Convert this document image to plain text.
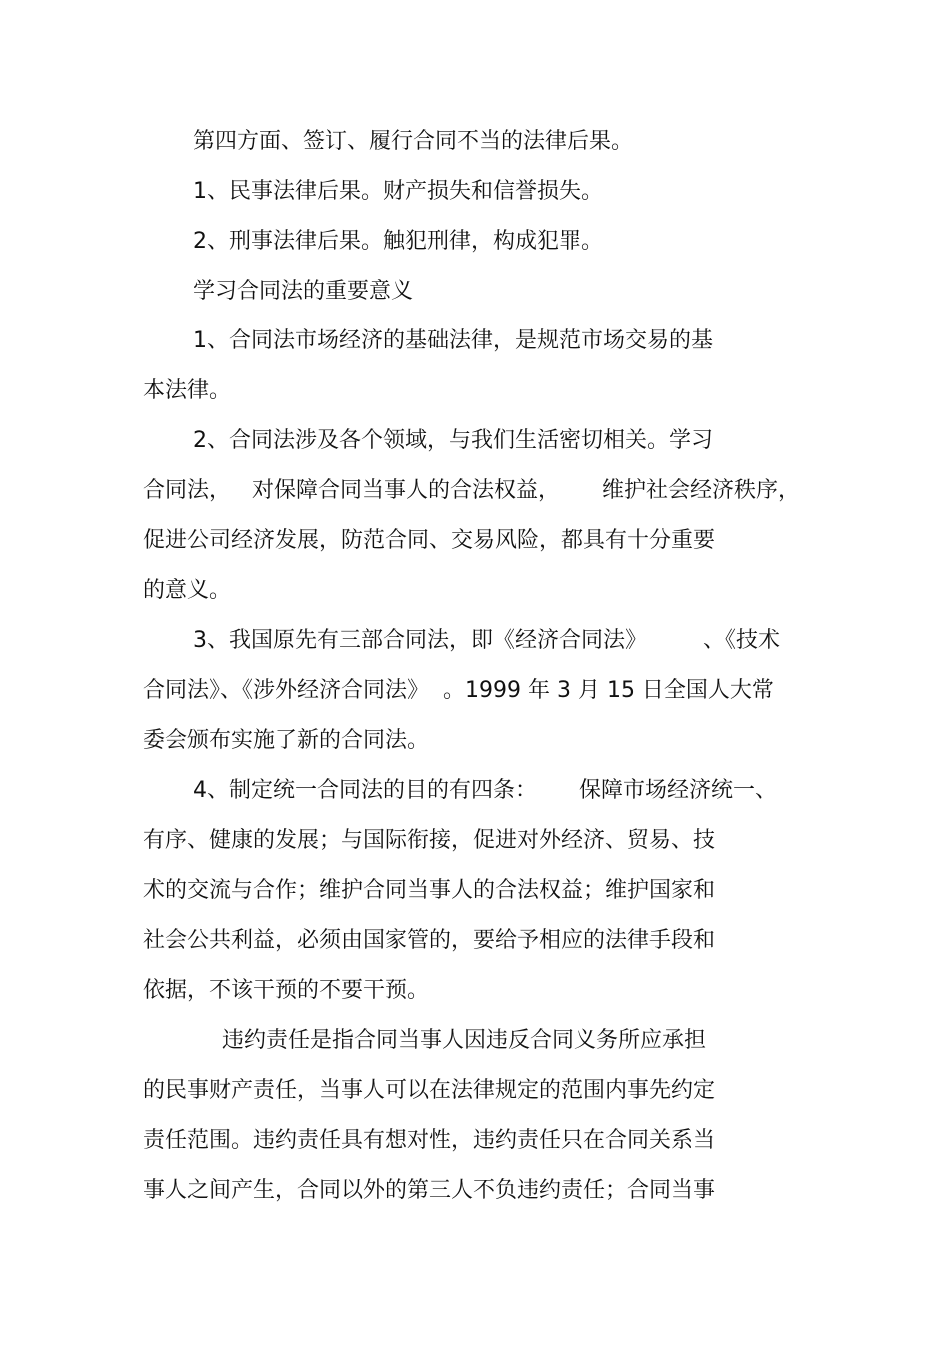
第四方面、签订、履行合同不当的法律后果。
1、民事法律后果。财产损失和信誉损失。
2、刑事法律后果。触犯刑律，构成犯罪。
学习合同法的重要意义
1、合同法市场经济的基础法律，是规范市场交易的基
本法律。
2、合同法涉及各个领域，与我们生活密切相关。学习
合同法，   对保障合同当事人的合法权益，      维护社会经济秩序，
促进公司经济发展，防范合同、交易风险，都具有十分重要
的意义。
3、我国原先有三部合同法，即《经济合同法》        、《技术
合同法》、《涉外经济合同法》  。1999 年 3 月 15 日全国人大常
委会颁布实施了新的合同法。
4、制定统一合同法的目的有四条：      保障市场经济统一、
有序、健康的发展；与国际衔接，促进对外经济、贸易、技
术的交流与合作；维护合同当事人的合法权益；维护国家和
社会公共利益，必须由国家管的，要给予相应的法律手段和
依据，不该干预的不要干预。
违约责任是指合同当事人因违反合同义务所应承担
的民事财产责任，当事人可以在法律规定的范围内事先约定
责任范围。违约责任具有想对性，违约责任只在合同关系当
事人之间产生，合同以外的第三人不负违约责任；合同当事
